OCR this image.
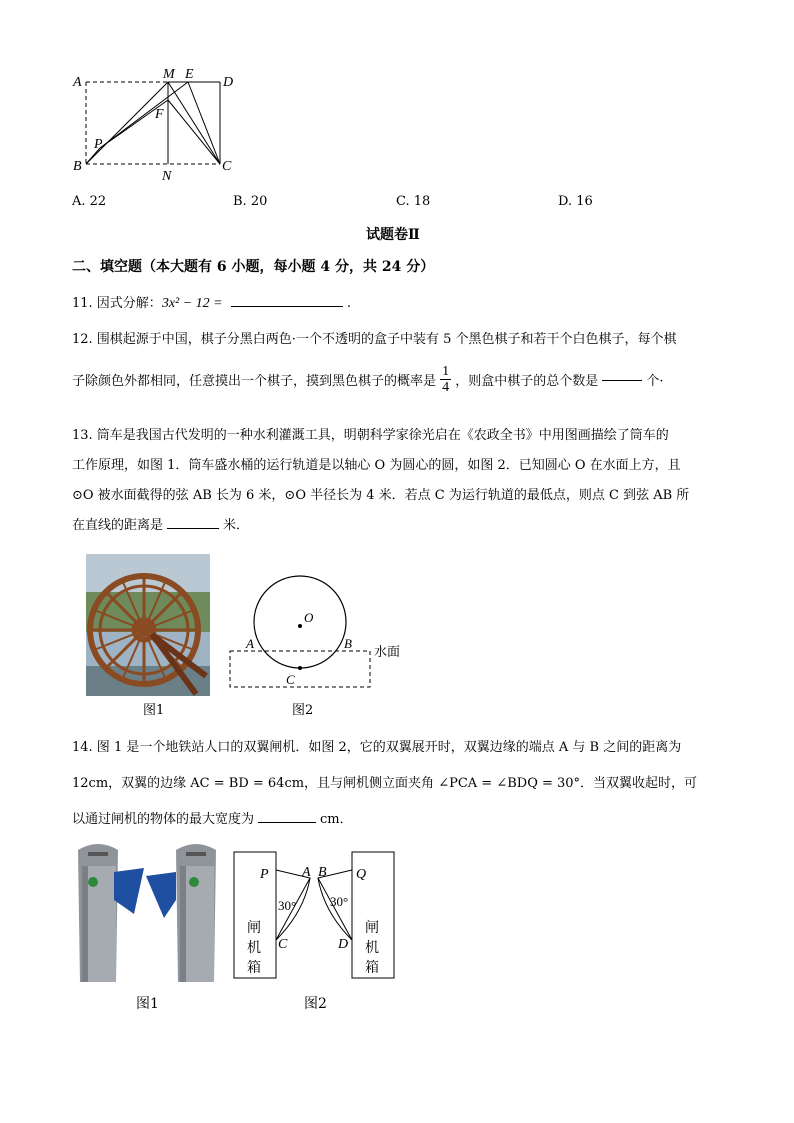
A
M E
D
F
P
B
N
C
A. 22	B. 20	C. 18	D. 16
试题卷Ⅱ
二、填空题（本大题有 6 小题，每小题 4 分，共 24 分）
11. 因式分解：3x² − 12 =	.
12. 围棋起源于中国，棋子分黑白两色·一个不透明的盒子中装有 5 个黑色棋子和若干个白色棋子，每个棋
子除颜色外都相同，任意摸出一个棋子，摸到黑色棋子的概率是 $\frac{1}{4}$ ，则盒中棋子的总个数是	个·
13. 筒车是我国古代发明的一种水利灌溉工具，明朝科学家徐光启在《农政全书》中用图画描绘了筒车的
工作原理，如图 1．筒车盛水桶的运行轨道是以轴心 O 为圆心的圆，如图 2．已知圆心 O 在水面上方，且
⊙O 被水面截得的弦 AB 长为 6 米，⊙O 半径长为 4 米．若点 C 为运行轨道的最低点，则点 C 到弦 AB 所
在直线的距离是	米．
图1
O
A	B
C
水面
图2
14. 图 1 是一个地铁站人口的双翼闸机．如图 2，它的双翼展开时，双翼边缘的端点 A 与 B 之间的距离为
12cm，双翼的边缘 AC = BD = 64cm，且与闸机侧立面夹角 ∠PCA = ∠BDQ = 30°．当双翼收起时，可
以通过闸机的物体的最大宽度为	cm．
图1
P A B Q
30°	30°
C	D
闸
机
箱
闸
机
箱
图2
